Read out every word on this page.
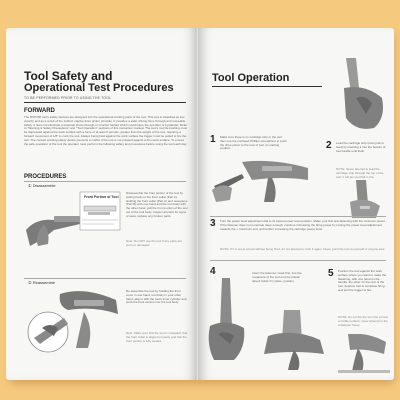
Tool Safety and
Operational Test Procedures
TO BE PERFORMED PRIOR TO USING THE TOOL
FORWARD
The DXP150 tool's safety devices are designed into the operational working parts of the tool. This tool is classified as low velocity and as a result of the indirect captive drive piston principle. It provides a safer driving force through and moveable safety. It does not eliminate a potential shoot-through or ricochet hazard which could injure the operator or bystander. Refer to "Warning & Safety Precautions" and "Tool Operation" sections of this instruction manual. The tool's muzzle bushing must be depressed against the work surface with a force of at least 5 pounds, greater than the weight of the tool, requiring a forward movement of 1/8" to cock the tool. Always being held against the work surface the trigger must be pulled to fire the tool. The contact pointing safety device prevents a misfire if the tool is not pressed against a firm work surface. To ensure the safe operation of the tool the operator must perform the following safety test procedures before using the tool each day.
PROCEDURES
① Disassemble
Front Portion of Tool
Disassemble the front portion of the tool by pulling back on the front collar (Part A). Holding the front collar (Part A) and nosepiece (Part B) with one hand and the tool body with the other hand, pull the front portion of the tool out of the tool body. Inspect all parts for signs of wear, replace any broken parts.
Note: Do NOT use the tool if any parts are worn or damaged.
② Reassemble
Re-assemble the tool by holding the front cover in one hand, tool body in your other hand, align it with the tool's inner cylinder and push the front section into the tool body.
Note: Make sure that the tool is unloaded, that the front collar is aligned properly and that the front portion is fully seated.
Tool Operation
1 Make sure there is no cartridge strip in the tool then use the enclosed Phillips screwdriver to push the drive piston to the rear of tool, its starting position.	2 Load the cartridge strip (using tab to feed) by inserting it into the bottom of tool handle until flush.
NOTE: Never attempt to load the cartridge strip through the top of the tool; it will jam and fail to fire.
3 Turn the power level adjustment dial to its lowest power level position. Make your first test fastening with the minimum power. If the fastener does not penetrate deep enough, continue increasing the firing power by turning the power level adjustment towards the + maximum end, and further increasing the cartridge power level.
NOTE: If it is set at a level without being fired, do not attempt to cock it again. Never point the tool at yourself or anyone else.
4	Insert the fastener, head first, into the nosepiece of the tool and the plastic detent holds it in place, position.
5 Position the tool against the work surface where you want to make the fastening, with one hand on the handle, the other on the rear of the tool, depress tool to complete firing and pull the trigger to fire.
NOTE: Do not fire the tool into a hard or brittle surface; never attempt to fire a fastener freely.
